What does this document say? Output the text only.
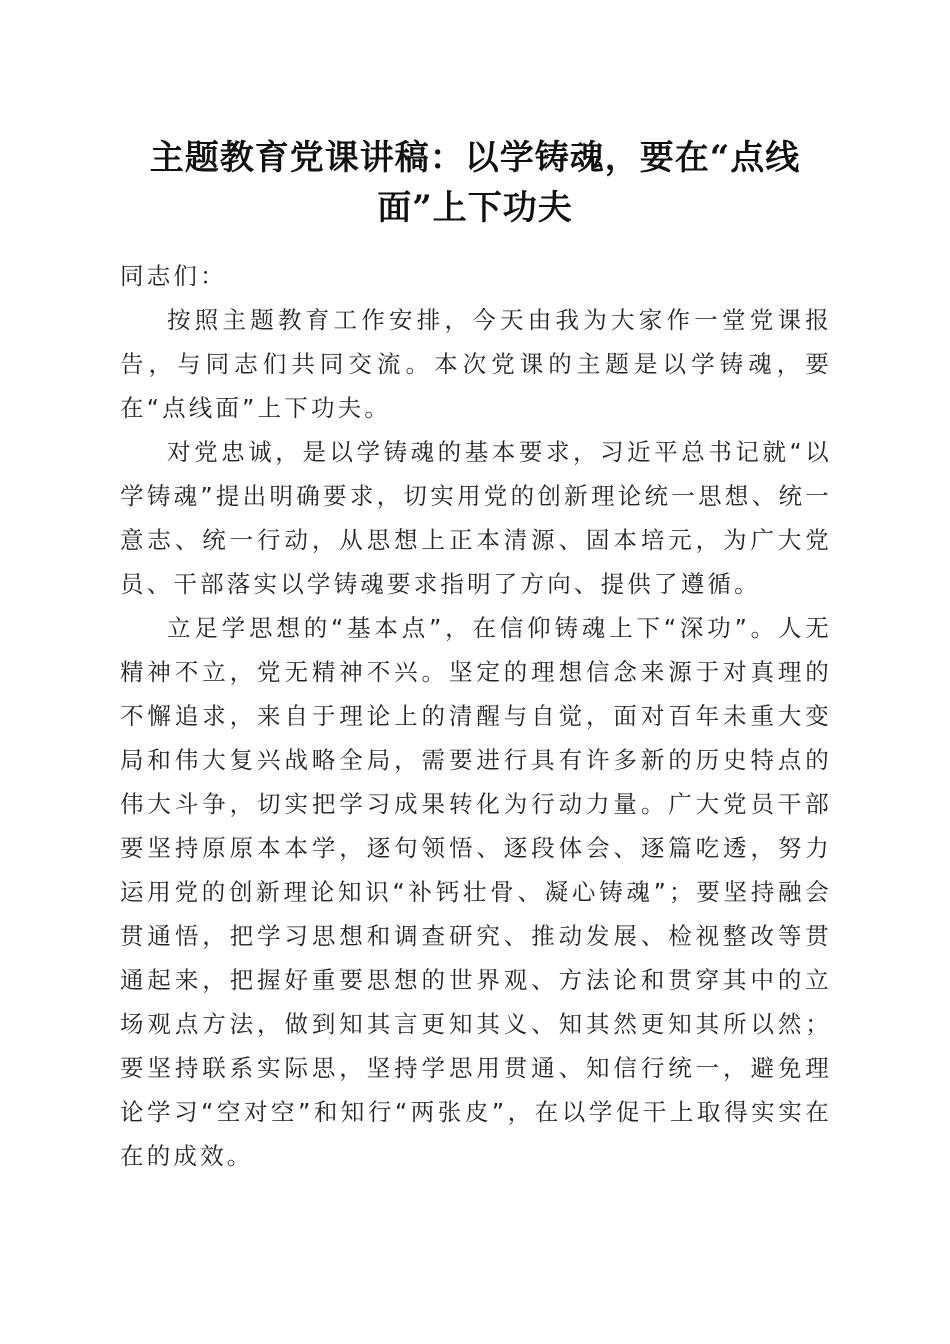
主题教育党课讲稿：以学铸魂，要在“点线面”上下功夫

同志们：

按照主题教育工作安排，今天由我为大家作一堂党课报告，与同志们共同交流。本次党课的主题是以学铸魂，要在“点线面”上下功夫。

对党忠诚，是以学铸魂的基本要求，习近平总书记就“以学铸魂”提出明确要求，切实用党的创新理论统一思想、统一意志、统一行动，从思想上正本清源、固本培元，为广大党员、干部落实以学铸魂要求指明了方向、提供了遵循。

立足学思想的“基本点”，在信仰铸魂上下“深功”。人无精神不立，党无精神不兴。坚定的理想信念来源于对真理的不懈追求，来自于理论上的清醒与自觉，面对百年未重大变局和伟大复兴战略全局，需要进行具有许多新的历史特点的伟大斗争，切实把学习成果转化为行动力量。广大党员干部要坚持原原本本学，逐句领悟、逐段体会、逐篇吃透，努力运用党的创新理论知识“补钙壮骨、凝心铸魂”；要坚持融会贯通悟，把学习思想和调查研究、推动发展、检视整改等贯通起来，把握好重要思想的世界观、方法论和贯穿其中的立场观点方法，做到知其言更知其义、知其然更知其所以然；要坚持联系实际思，坚持学思用贯通、知信行统一，避免理论学习“空对空”和知行“两张皮”，在以学促干上取得实实在在的成效。
